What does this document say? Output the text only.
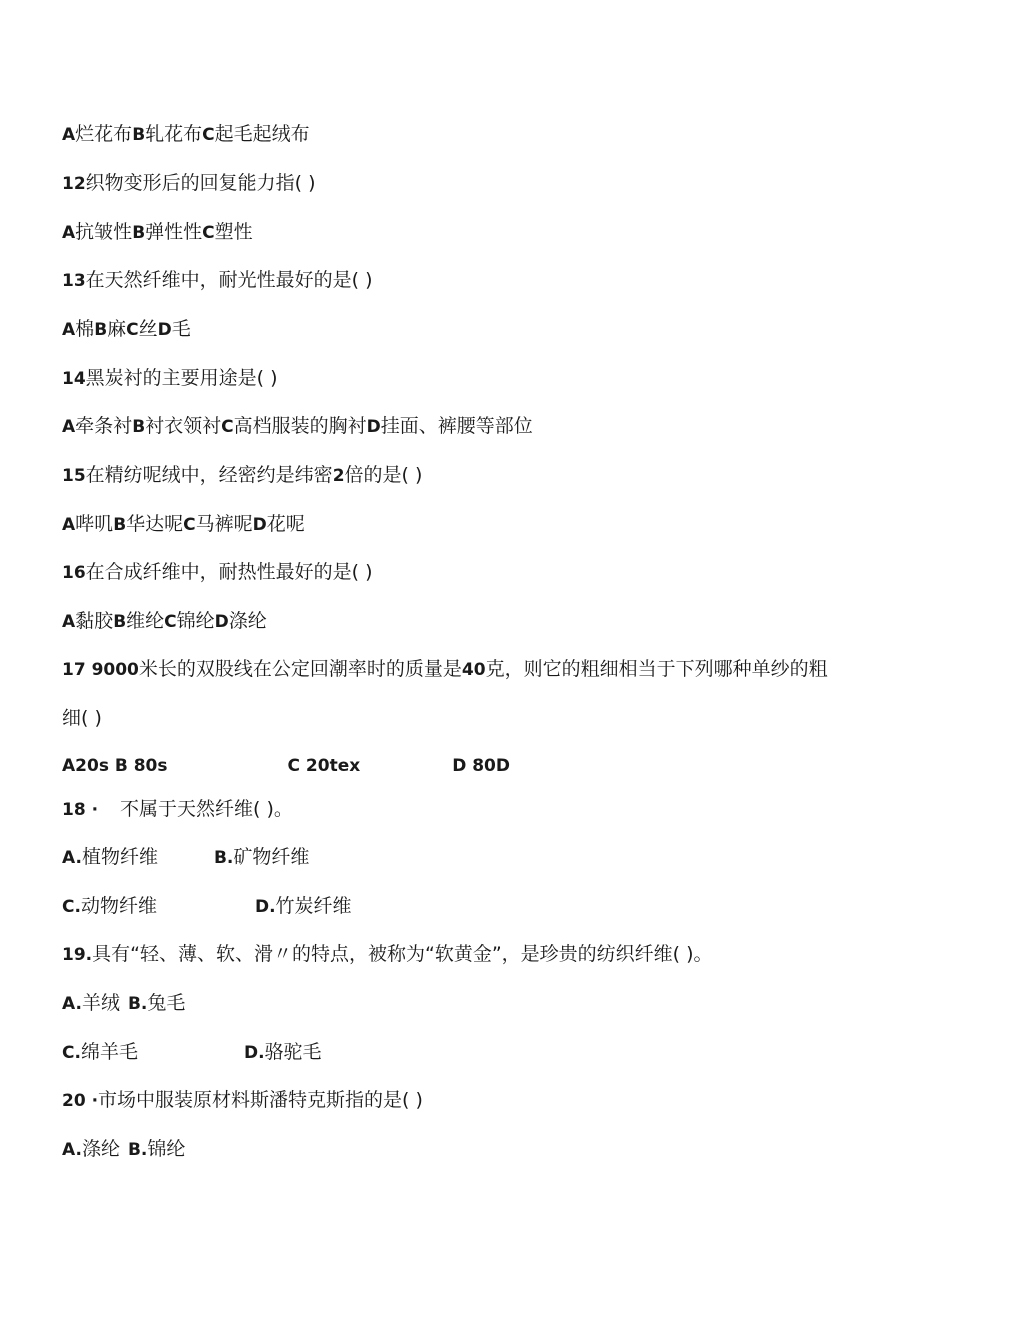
A烂花布B轧花布C起毛起绒布
12织物变形后的回复能力指( )
A抗皱性B弹性性C塑性
13在天然纤维中，耐光性最好的是( )
A棉B麻C丝D毛
14黑炭衬的主要用途是( )
A牵条衬B衬衣领衬C高档服装的胸衬D挂面、裤腰等部位
15在精纺呢绒中，经密约是纬密2倍的是( )
A哔叽B华达呢C马裤呢D花呢
16在合成纤维中，耐热性最好的是( )
A黏胶B维纶C锦纶D涤纶
17 9000米长的双股线在公定回潮率时的质量是40克，则它的粗细相当于下列哪种单纱的粗
细( )
A20s B 80s	C 20tex	D 80D
18 · 不属于天然纤维( )。
A.植物纤维	B.矿物纤维
C.动物纤维	D.竹炭纤维
19.具有“轻、薄、软、滑〃的特点，被称为“软黄金”，是珍贵的纺织纤维( )。
A.羊绒 B.兔毛
C.绵羊毛	D.骆驼毛
20 ·市场中服装原材料斯潘特克斯指的是( )
A.涤纶 B.锦纶
